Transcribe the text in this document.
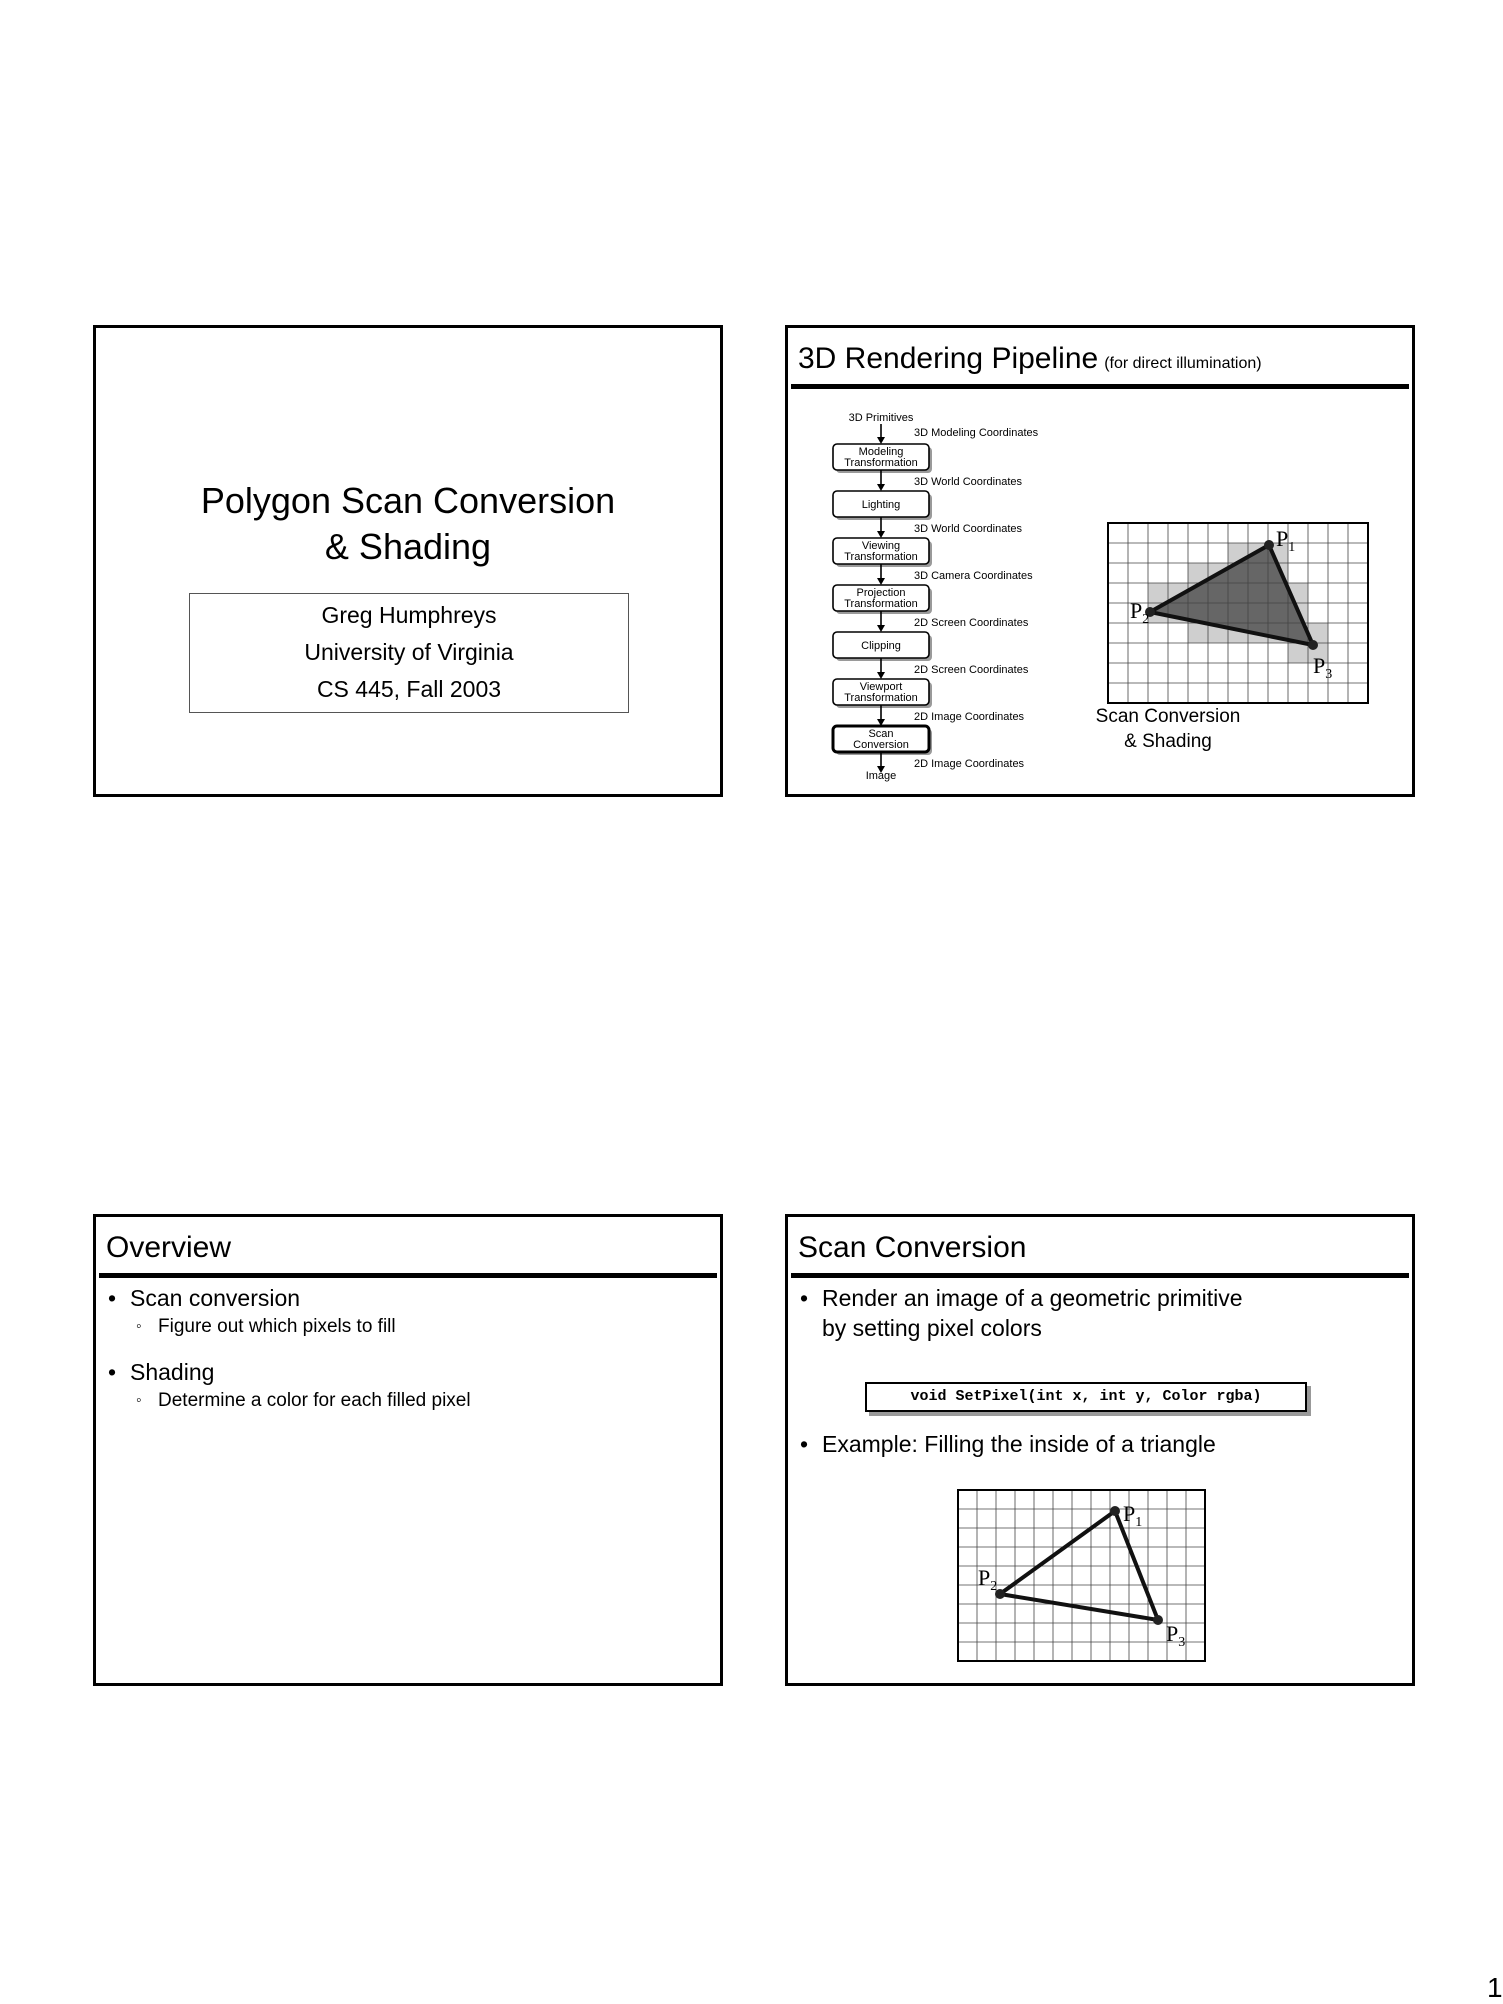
Polygon Scan Conversion
& Shading
Greg Humphreys
University of Virginia
CS 445, Fall 2003
3D Rendering Pipeline (for direct illumination)
3D Primitives
3D Modeling Coordinates
Modeling
Transformation
3D World Coordinates
Lighting
3D World Coordinates
Viewing
Transformation
3D Camera Coordinates
Projection
Transformation
2D Screen Coordinates
Clipping
2D Screen Coordinates
Viewport
Transformation
2D Image Coordinates
Scan
Conversion
2D Image Coordinates
Image
$P_1$
$P_2$
$P_3$
Scan Conversion
& Shading
Overview
• Scan conversion
◦ Figure out which pixels to fill
• Shading
◦ Determine a color for each filled pixel
Scan Conversion
• Render an image of a geometric primitive
by setting pixel colors
void SetPixel(int x, int y, Color rgba)
• Example: Filling the inside of a triangle
$P_1$
$P_2$
$P_3$
1
